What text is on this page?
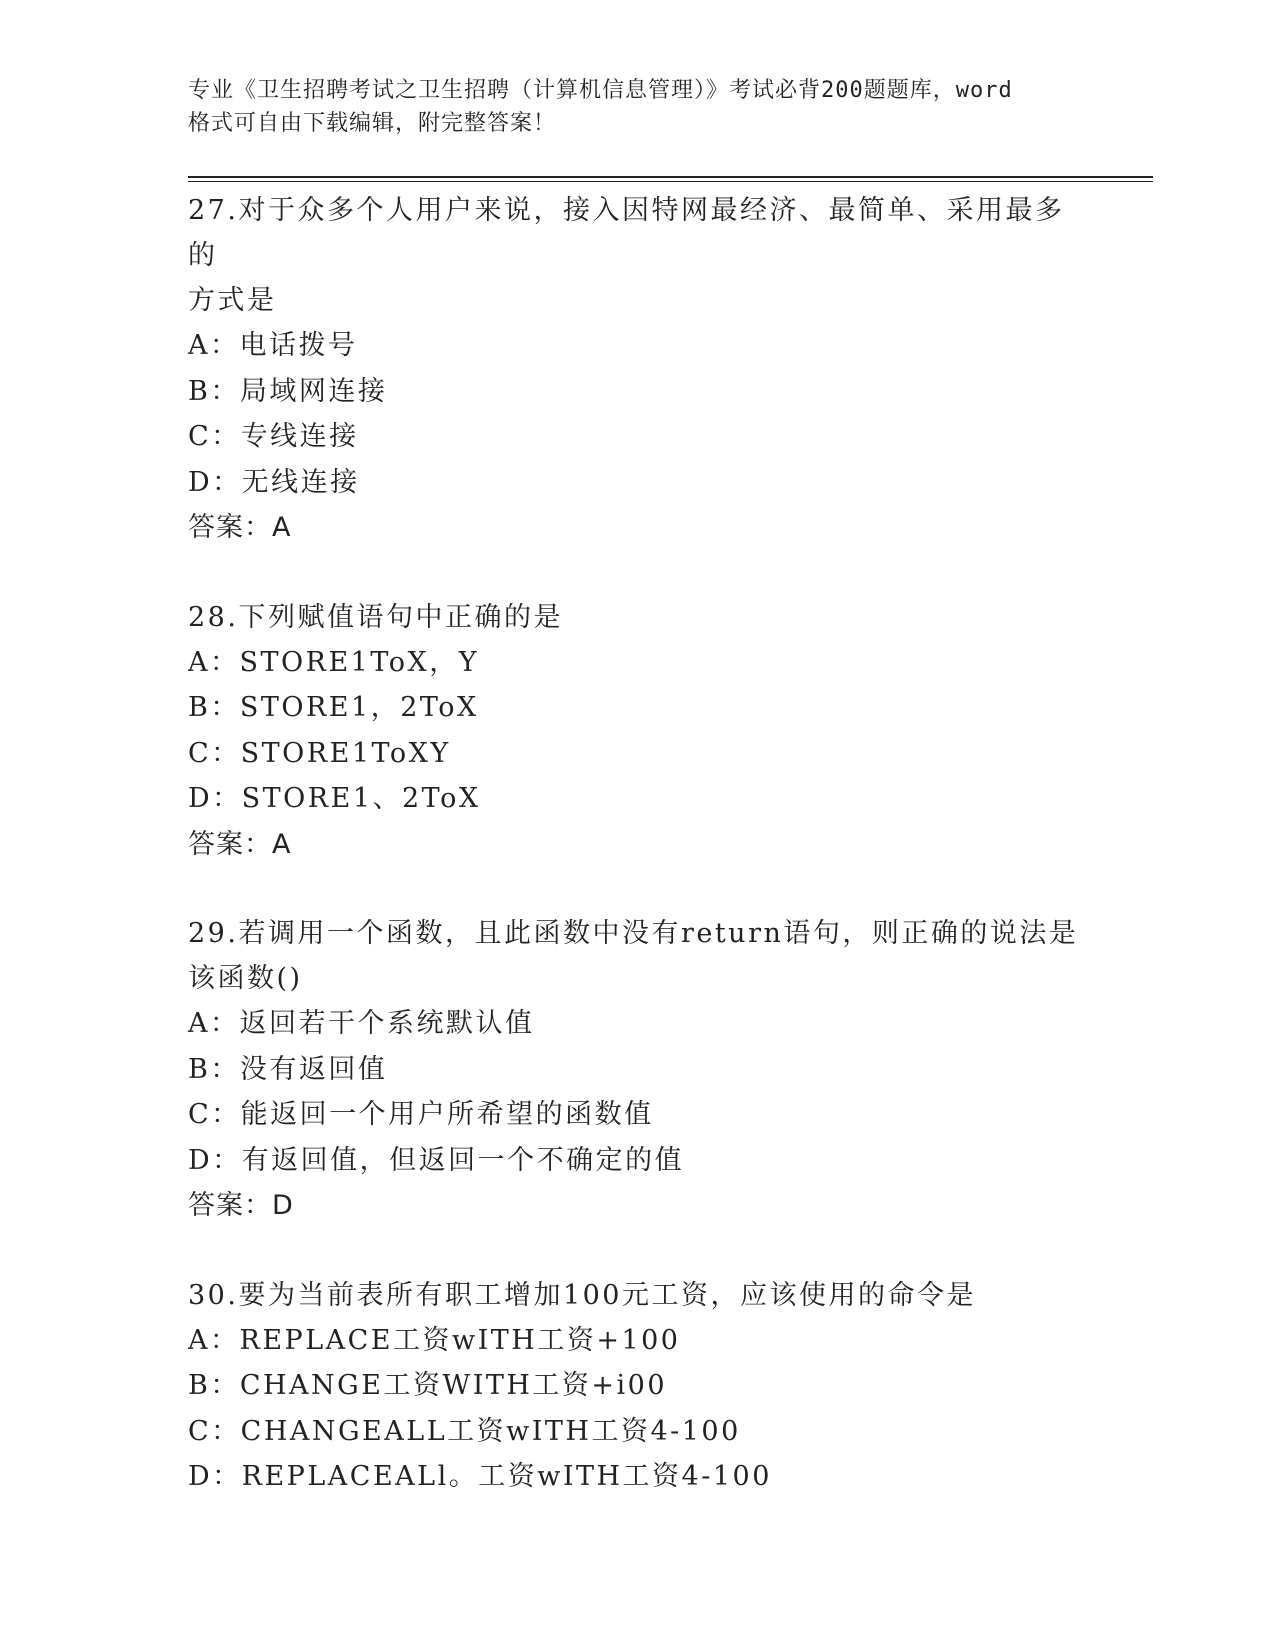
专业《卫生招聘考试之卫生招聘（计算机信息管理）》考试必背200题题库，word
格式可自由下载编辑，附完整答案！

27.对于众多个人用户来说，接入因特网最经济、最简单、采用最多的

方式是

A：电话拨号

B：局域网连接

C：专线连接

D：无线连接

答案：A

28.下列赋值语句中正确的是

A：STORE1ToX，Y

B：STORE1，2ToX

C：STORE1ToXY

D：STORE1、2ToX

答案：A

29.若调用一个函数，且此函数中没有return语句，则正确的说法是

该函数()

A：返回若干个系统默认值

B：没有返回值

C：能返回一个用户所希望的函数值

D：有返回值，但返回一个不确定的值

答案：D

30.要为当前表所有职工增加100元工资，应该使用的命令是

A：REPLACE工资wITH工资+100

B：CHANGE工资WITH工资+i00

C：CHANGEALL工资wITH工资4-100

D：REPLACEALl。工资wITH工资4-100
